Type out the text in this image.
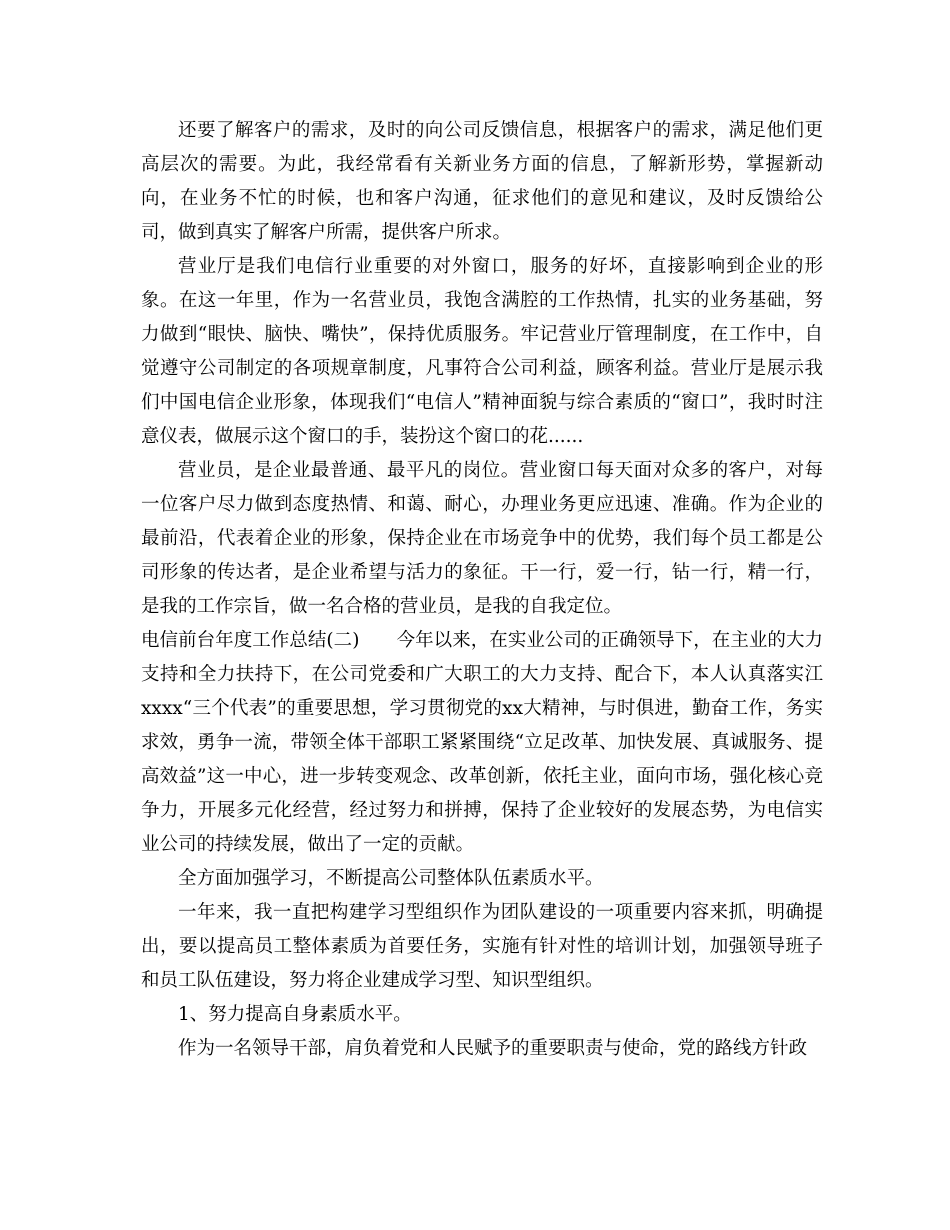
还要了解客户的需求，及时的向公司反馈信息，根据客户的需求，满足他们更高层次的需要。为此，我经常看有关新业务方面的信息，了解新形势，掌握新动向，在业务不忙的时候，也和客户沟通，征求他们的意见和建议，及时反馈给公司，做到真实了解客户所需，提供客户所求。

营业厅是我们电信行业重要的对外窗口，服务的好坏，直接影响到企业的形象。在这一年里，作为一名营业员，我饱含满腔的工作热情，扎实的业务基础，努力做到“眼快、脑快、嘴快”，保持优质服务。牢记营业厅管理制度，在工作中，自觉遵守公司制定的各项规章制度，凡事符合公司利益，顾客利益。营业厅是展示我们中国电信企业形象，体现我们“电信人”精神面貌与综合素质的“窗口”，我时时注意仪表，做展示这个窗口的手，装扮这个窗口的花......

营业员，是企业最普通、最平凡的岗位。营业窗口每天面对众多的客户，对每一位客户尽力做到态度热情、和蔼、耐心，办理业务更应迅速、准确。作为企业的最前沿，代表着企业的形象，保持企业在市场竞争中的优势，我们每个员工都是公司形象的传达者，是企业希望与活力的象征。干一行，爱一行，钻一行，精一行，是我的工作宗旨，做一名合格的营业员，是我的自我定位。

电信前台年度工作总结(二)　　今年以来，在实业公司的正确领导下，在主业的大力支持和全力扶持下，在公司党委和广大职工的大力支持、配合下，本人认真落实江xxxx“三个代表”的重要思想，学习贯彻党的xx大精神，与时俱进，勤奋工作，务实求效，勇争一流，带领全体干部职工紧紧围绕“立足改革、加快发展、真诚服务、提高效益”这一中心，进一步转变观念、改革创新，依托主业，面向市场，强化核心竞争力，开展多元化经营，经过努力和拼搏，保持了企业较好的发展态势，为电信实业公司的持续发展，做出了一定的贡献。

全方面加强学习，不断提高公司整体队伍素质水平。

一年来，我一直把构建学习型组织作为团队建设的一项重要内容来抓，明确提出，要以提高员工整体素质为首要任务，实施有针对性的培训计划，加强领导班子和员工队伍建设，努力将企业建成学习型、知识型组织。

1、努力提高自身素质水平。

作为一名领导干部，肩负着党和人民赋予的重要职责与使命，党的路线方针政
